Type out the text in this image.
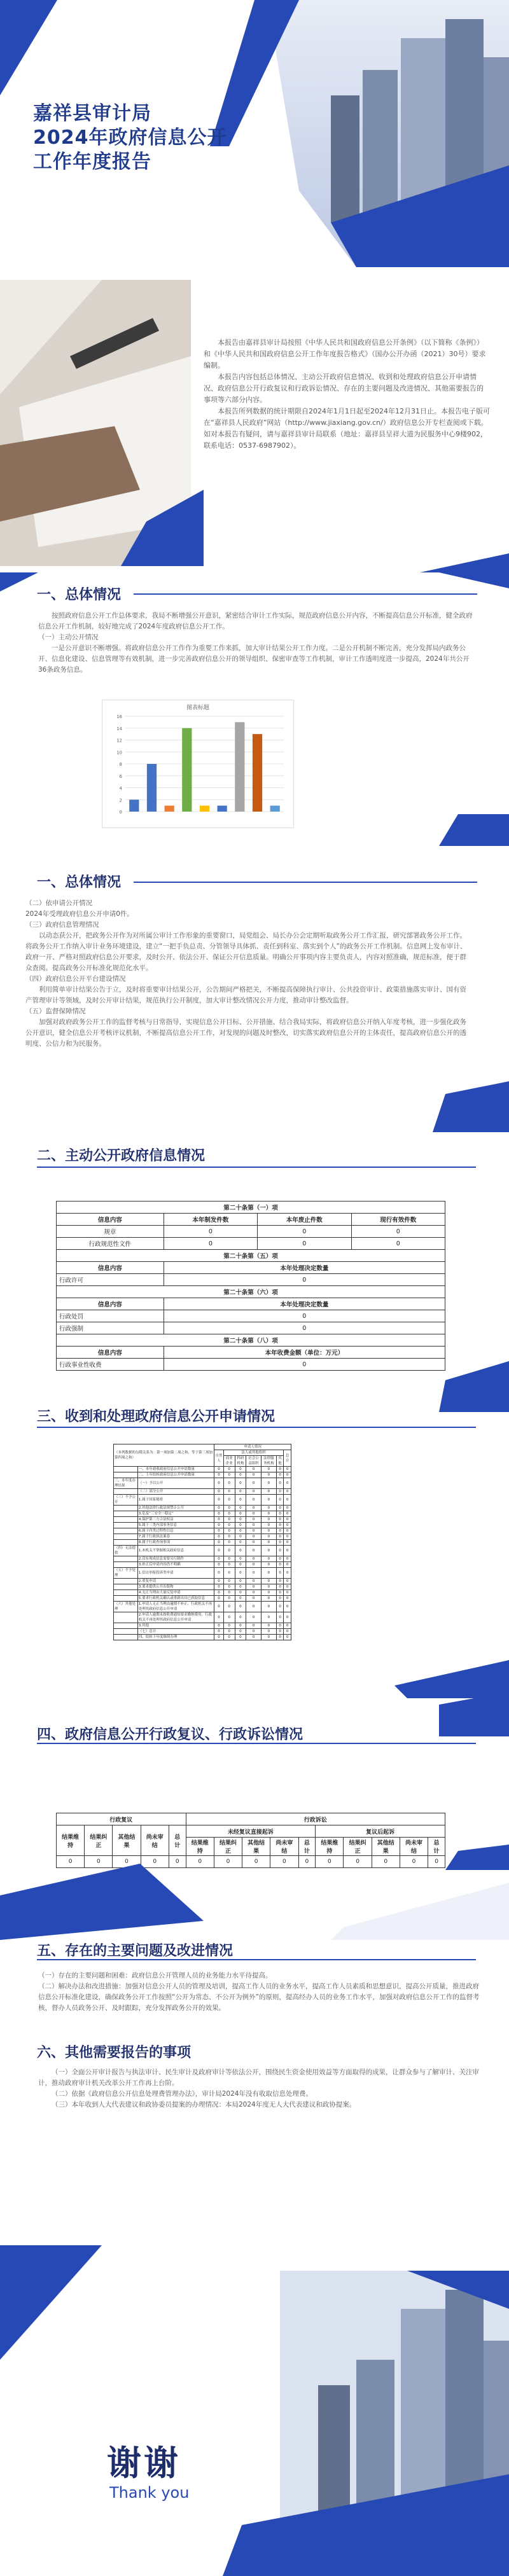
嘉祥县审计局
2024年政府信息公开
工作年度报告
本报告由嘉祥县审计局按照《中华人民共和国政府信息公开条例》（以下简称《条例》）和《中华人民共和国政府信息公开工作年度报告格式》（国办公开办函（2021）30号）要求编制。
本报告内容包括总体情况、主动公开政府信息情况、收到和处理政府信息公开申请情况、政府信息公开行政复议和行政诉讼情况、存在的主要问题及改进情况、其他需要报告的事项等六部分内容。
本报告所列数据的统计期限自2024年1月1日起至2024年12月31日止。本报告电子版可在“嘉祥县人民政府”网站（http://www.jiaxiang.gov.cn/）政府信息公开专栏查阅或下载。如对本报告有疑问，请与嘉祥县审计局联系（地址：嘉祥县呈祥大道为民服务中心9楼902，联系电话：0537-6987902）。
一、总体情况
按照政府信息公开工作总体要求，我局不断增强公开意识，紧密结合审计工作实际，规范政府信息公开内容，不断提高信息公开标准，健全政府信息公开工作机制，较好地完成了2024年度政府信息公开工作。
（一）主动公开情况
一是公开意识不断增强。将政府信息公开工作作为重要工作来抓，加大审计结果公开工作力度。二是公开机制不断完善，充分发挥局内政务公开、信息化建设、信息管理等有效机制，进一步完善政府信息公开的领导组织、保密审查等工作机制，审计工作透明度进一步提高，2024年共公开36条政务信息。
图表标题
0
2
4
6
8
10
12
14
16
一、总体情况
（二）依申请公开情况
2024年受理政府信息公开申请0件。
（三）政府信息管理情况
以动态获公开，把政务公开作为对所属公审计工作形象的重要窗口，局党组会、局长办公会定期听取政务公开工作汇报，研究部署政务公开工作。将政务公开工作纳入审计业务环境建设，建立“一把手负总责、分管领导具体抓、责任到科室、落实到个人”的政务公开工作机制。信息网上发布审计、政府一开、严格对照政府信息公开要求，及时公开、依法公开、保证公开信息质量。明确公开事项内容主要负责人，内容对照准确，规范标准，便于群众查阅。提高政务公开标准化规范化水平。
（四）政府信息公开平台建设情况
利用简单审计结果公告于立，及时将重要审计结果公开，公告期间严格把关，不断提高保障执行审计、公共投资审计、政策措施落实审计、国有资产管理审计等领域，及时公开审计结果，规范执行公开制度，加大审计整改情况公开力度，推动审计整改监督。
（五）监督保障情况
加强对政府政务公开工作的监督考核与日常指导，实现信息公开目标、公开措施、结合我局实际，将政府信息公开纳入年度考核，进一步强化政务公开意识，健全信息公开考核评议机制，不断提高信息公开工作，对发现的问题及时整改，切实落实政府信息公开的主体责任，提高政府信息公开的透明度、公信力和为民服务。
二、主动公开政府信息情况
第二十条第（一）项			
信息内容	本年制发件数	本年废止件数	现行有效件数
规章	0	0	0
行政规范性文件	0	0	0
第二十条第（五）项			
信息内容	本年处理决定数量		
行政许可	0		
第二十条第（六）项			
信息内容	本年处理决定数量		
行政处罚	0		
行政强制	0		
第二十条第（八）项			
信息内容	本年收费金额（单位：万元）		
行政事业性收费	0		
三、收到和处理政府信息公开申请情况
（本列数据的勾稽关系为：第一项加第二项之和，等于第三项加第四项之和）		申请人情况						
		自然人	法人或其他组织					总计
			商业企业	科研机构	社会公益组织	法律服务机构	其他	
	一、本年新收政府信息公开申请数量	0	0	0	0	0	0	0
	二、上年结转政府信息公开申请数量	0	0	0	0	0	0	0
三、本年度办理结果	（一）予以公开	0	0	0	0	0	0	0
	（二）部分公开	0	0	0	0	0	0	0
（三）不予公开	1.属于国家秘密	0	0	0	0	0	0	0
	2.其他法律行政法规禁止公开	0	0	0	0	0	0	0
	3.危及“三安全一稳定”	0	0	0	0	0	0	0
	4.保护第三方合法权益	0	0	0	0	0	0	0
	5.属于三类内部事务信息	0	0	0	0	0	0	0
	6.属于四类过程性信息	0	0	0	0	0	0	0
	7.属于行政执法案卷	0	0	0	0	0	0	0
	8.属于行政查询事项	0	0	0	0	0	0	0
（四）无法提供	1.本机关不掌握相关政府信息	0	0	0	0	0	0	0
	2.没有现成信息需要另行制作	0	0	0	0	0	0	0
	3.补正后申请内容仍不明确	0	0	0	0	0	0	0
（五）不予处理	1.信访举报投诉类申请	0	0	0	0	0	0	0
	2.重复申请	0	0	0	0	0	0	0
	3.要求提供公开出版物	0	0	0	0	0	0	0
	4.无正当理由大量反复申请	0	0	0	0	0	0	0
	5.要求行政机关确认或重新出具已获取信息	0	0	0	0	0	0	0
（六）其他处理	1.申请人无正当理由逾期不补正、行政机关不再处理其政府信息公开申请	0	0	0	0	0	0	0
	2.申请人逾期未按收费通知要求缴纳费用、行政机关不再处理其政府信息公开申请	0	0	0	0	0	0	0
	3.其他	0	0	0	0	0	0	0
	（七）总计	0	0	0	0	0	0	0
	四、结转下年度继续办理	0	0	0	0	0	0	0
四、政府信息公开行政复议、行政诉讼情况
行政复议					行政诉讼									
结果维持	结果纠正	其他结果	尚未审结	总计	未经复议直接起诉					复议后起诉				
					结果维持	结果纠正	其他结果	尚未审结	总计	结果维持	结果纠正	其他结果	尚未审结	总计
0	0	0	0	0	0	0	0	0	0	0	0	0	0	0
五、存在的主要问题及改进情况
（一）存在的主要问题和困难：政府信息公开管理人员的业务能力水平待提高。
（二）解决办法和改进措施：加强对信息公开人员的管理及培训，提高工作人员的业务水平，提高工作人员素质和思想意识，提高公开质量，推进政府信息公开标准化建设，确保政务公开工作按照“公开为常态、不公开为例外”的原则，提高经办人员的业务工作水平，加强对政府信息公开工作的监督考核，督办人员政务公开、及时跟踪，充分发挥政务公开的效果。
六、其他需要报告的事项
（一）全面公开审计报告与执法审计、民生审计及政府审计等依法公开，围绕民生资金使用效益等方面取得的成果，让群众参与了解审计、关注审计，推动政府审计机关改革公开工作再上台阶。
（二）依据《政府信息公开信息处理费管理办法》，审计局2024年没有收取信息处理费。
（三）本年收到人大代表建议和政协委员提案的办理情况：本局2024年度无人大代表建议和政协提案。
谢谢
Thank you
